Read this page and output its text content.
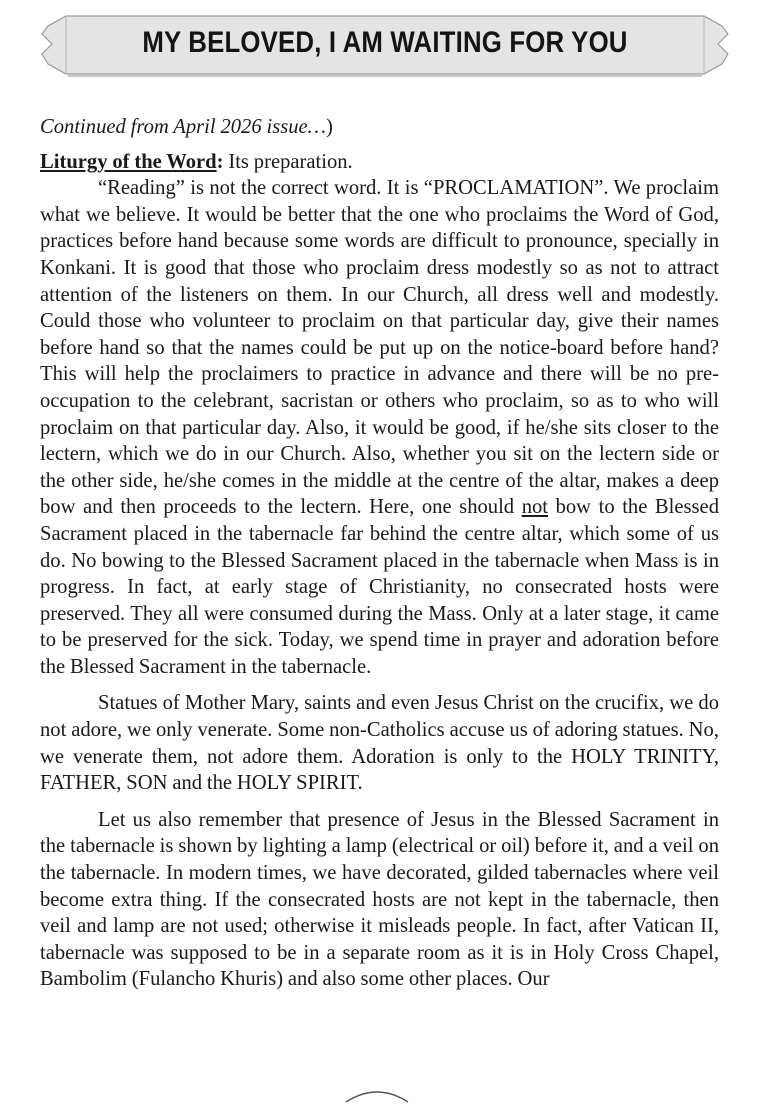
MY BELOVED, I AM WAITING FOR YOU

Continued from April 2026 issue…)

Liturgy of the Word: Its preparation.

“Reading” is not the correct word. It is “PROCLAMATION”. We proclaim what we believe. It would be better that the one who proclaims the Word of God, practices before hand because some words are difficult to pronounce, specially in Konkani. It is good that those who proclaim dress modestly so as not to attract attention of the listeners on them. In our Church, all dress well and modestly. Could those who volunteer to proclaim on that particular day, give their names before hand so that the names could be put up on the notice-board before hand? This will help the proclaimers to practice in advance and there will be no pre-occupation to the celebrant, sacristan or others who proclaim, so as to who will proclaim on that particular day. Also, it would be good, if he/she sits closer to the lectern, which we do in our Church. Also, whether you sit on the lectern side or the other side, he/she comes in the middle at the centre of the altar, makes a deep bow and then proceeds to the lectern. Here, one should not bow to the Blessed Sacrament placed in the tabernacle far behind the centre altar, which some of us do. No bowing to the Blessed Sacrament placed in the tabernacle when Mass is in progress. In fact, at early stage of Christianity, no consecrated hosts were preserved. They all were consumed during the Mass. Only at a later stage, it came to be preserved for the sick. Today, we spend time in prayer and adoration before the Blessed Sacrament in the tabernacle.

Statues of Mother Mary, saints and even Jesus Christ on the crucifix, we do not adore, we only venerate. Some non-Catholics accuse us of adoring statues. No, we venerate them, not adore them. Adoration is only to the HOLY TRINITY, FATHER, SON and the HOLY SPIRIT.

Let us also remember that presence of Jesus in the Blessed Sacrament in the tabernacle is shown by lighting a lamp (electrical or oil) before it, and a veil on the tabernacle. In modern times, we have decorated, gilded tabernacles where veil become extra thing. If the consecrated hosts are not kept in the tabernacle, then veil and lamp are not used; otherwise it misleads people. In fact, after Vatican II, tabernacle was supposed to be in a separate room as it is in Holy Cross Chapel, Bambolim (Fulancho Khuris) and also some other places. Our
